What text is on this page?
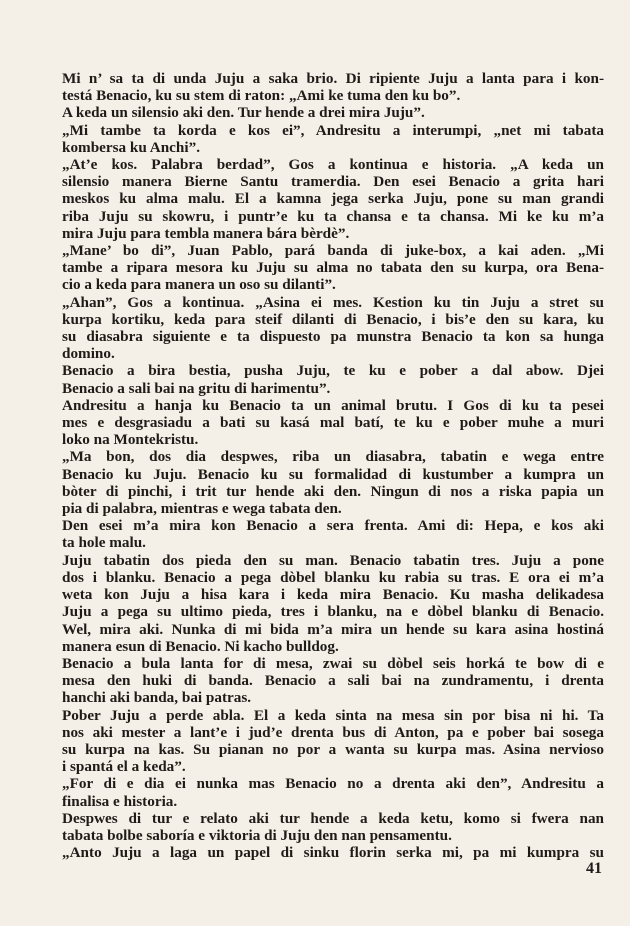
Mi n’ sa ta di unda Juju a saka brio. Di ripiente Juju a lanta para i kon-
testá Benacio, ku su stem di raton: „Ami ke tuma den ku bo”.

A keda un silensio aki den. Tur hende a drei mira Juju”.

„Mi tambe ta korda e kos ei”, Andresitu a interumpi, „net mi tabata
kombersa ku Anchi”.

„At’e kos. Palabra berdad”, Gos a kontinua e historia. „A keda un
silensio manera Bierne Santu tramerdia. Den esei Benacio a grita hari
meskos ku alma malu. El a kamna jega serka Juju, pone su man grandi
riba Juju su skowru, i puntr’e ku ta chansa e ta chansa. Mi ke ku m’a
mira Juju para tembla manera bára bèrdè”.

„Mane’ bo di”, Juan Pablo, pará banda di juke-box, a kai aden. „Mi
tambe a ripara mesora ku Juju su alma no tabata den su kurpa, ora Bena-
cio a keda para manera un oso su dilanti”.

„Ahan”, Gos a kontinua. „Asina ei mes. Kestion ku tin Juju a stret su
kurpa kortiku, keda para steif dilanti di Benacio, i bis’e den su kara, ku
su diasabra siguiente e ta dispuesto pa munstra Benacio ta kon sa hunga
domino.

Benacio a bira bestia, pusha Juju, te ku e pober a dal abow. Djei
Benacio a sali bai na gritu di harimentu”.

Andresitu a hanja ku Benacio ta un animal brutu. I Gos di ku ta pesei
mes e desgrasiadu a bati su kasá mal batí, te ku e pober muhe a muri
loko na Montekristu.

„Ma bon, dos dia despwes, riba un diasabra, tabatin e wega entre
Benacio ku Juju. Benacio ku su formalidad di kustumber a kumpra un
bòter di pinchi, i trit tur hende aki den. Ningun di nos a riska papia un
pia di palabra, mientras e wega tabata den.

Den esei m’a mira kon Benacio a sera frenta. Ami di: Hepa, e kos aki
ta hole malu.

Juju tabatin dos pieda den su man. Benacio tabatin tres. Juju a pone
dos i blanku. Benacio a pega dòbel blanku ku rabia su tras. E ora ei m’a
weta kon Juju a hisa kara i keda mira Benacio. Ku masha delikadesa
Juju a pega su ultimo pieda, tres i blanku, na e dòbel blanku di Benacio.
Wel, mira aki. Nunka di mi bida m’a mira un hende su kara asina hostiná
manera esun di Benacio. Ni kacho bulldog.

Benacio a bula lanta for di mesa, zwai su dòbel seis horká te bow di e
mesa den huki di banda. Benacio a sali bai na zundramentu, i drenta
hanchi aki banda, bai patras.

Pober Juju a perde abla. El a keda sinta na mesa sin por bisa ni hi. Ta
nos aki mester a lant’e i jud’e drenta bus di Anton, pa e pober bai sosega
su kurpa na kas. Su pianan no por a wanta su kurpa mas. Asina nervioso
i spantá el a keda”.

„For di e dia ei nunka mas Benacio no a drenta aki den”, Andresitu a
finalisa e historia.

Despwes di tur e relato aki tur hende a keda ketu, komo si fwera nan
tabata bolbe saboría e viktoria di Juju den nan pensamentu.

„Anto Juju a laga un papel di sinku florin serka mi, pa mi kumpra su

41
